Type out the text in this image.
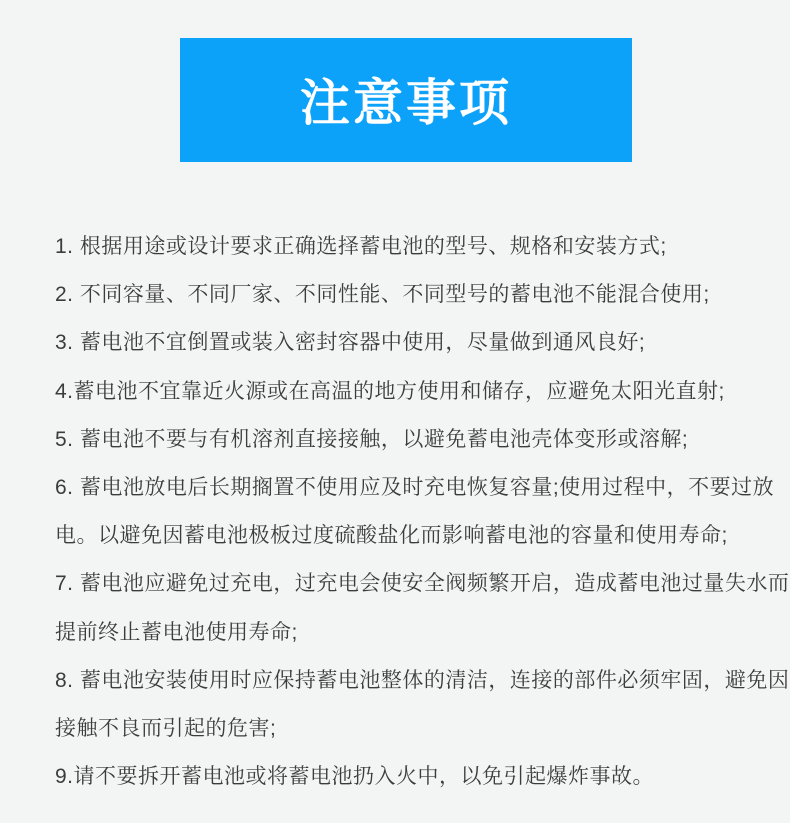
注意事项
1. 根据用途或设计要求正确选择蓄电池的型号、规格和安装方式;
2. 不同容量、不同厂家、不同性能、不同型号的蓄电池不能混合使用;
3. 蓄电池不宜倒置或装入密封容器中使用，尽量做到通风良好;
4.蓄电池不宜靠近火源或在高温的地方使用和储存，应避免太阳光直射;
5. 蓄电池不要与有机溶剂直接接触，以避免蓄电池壳体变形或溶解;
6. 蓄电池放电后长期搁置不使用应及时充电恢复容量;使用过程中，不要过放
电。以避免因蓄电池极板过度硫酸盐化而影响蓄电池的容量和使用寿命;
7. 蓄电池应避免过充电，过充电会使安全阀频繁开启，造成蓄电池过量失水而
提前终止蓄电池使用寿命;
8. 蓄电池安装使用时应保持蓄电池整体的清洁，连接的部件必须牢固，避免因
接触不良而引起的危害;
9.请不要拆开蓄电池或将蓄电池扔入火中，以免引起爆炸事故。
